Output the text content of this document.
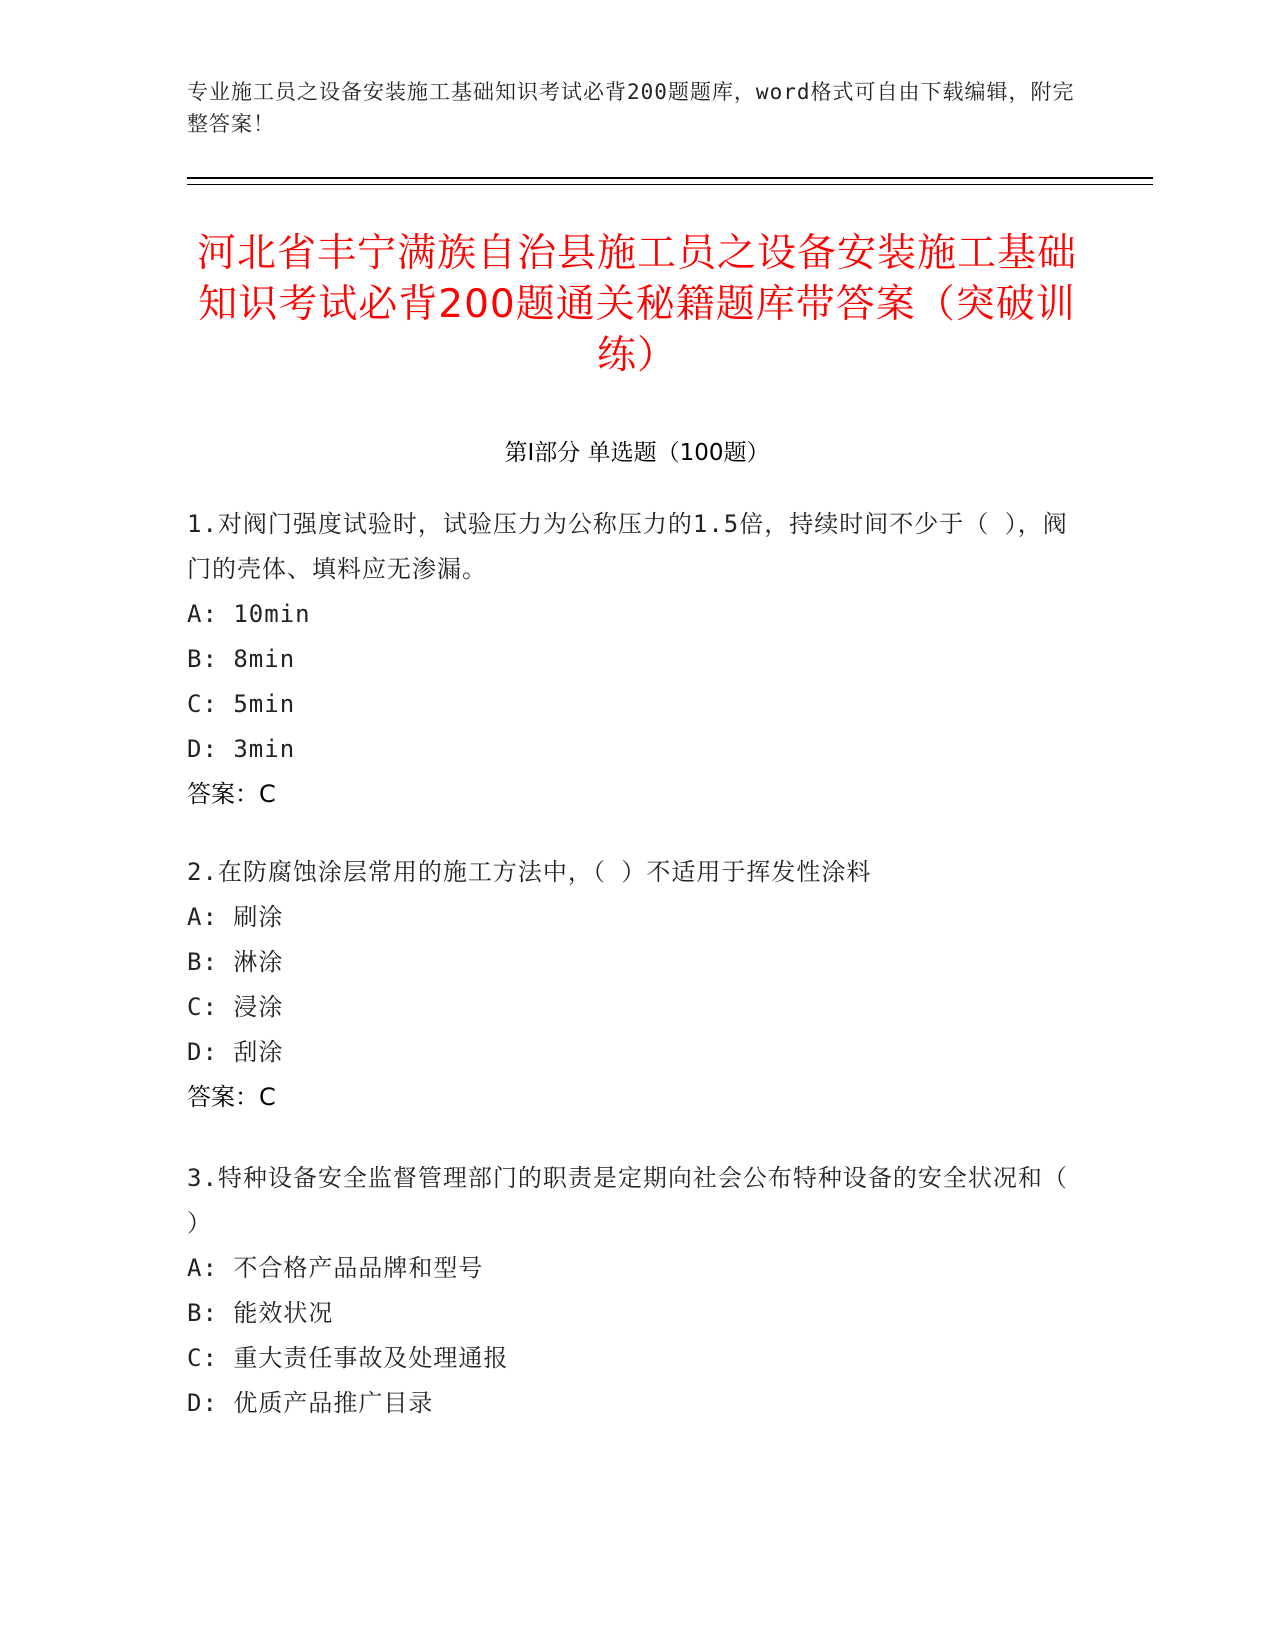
专业施工员之设备安装施工基础知识考试必背200题题库，word格式可自由下载编辑，附完整答案！
河北省丰宁满族自治县施工员之设备安装施工基础知识考试必背200题通关秘籍题库带答案（突破训练）
第I部分 单选题（100题）

1.对阀门强度试验时，试验压力为公称压力的1.5倍，持续时间不少于（ ），阀门的壳体、填料应无渗漏。

A: 10min

B: 8min

C: 5min

D: 3min

答案：C

2.在防腐蚀涂层常用的施工方法中，（ ）不适用于挥发性涂料

A: 刷涂

B: 淋涂

C: 浸涂

D: 刮涂

答案：C

3.特种设备安全监督管理部门的职责是定期向社会公布特种设备的安全状况和（ ）

A: 不合格产品品牌和型号

B: 能效状况

C: 重大责任事故及处理通报

D: 优质产品推广目录
